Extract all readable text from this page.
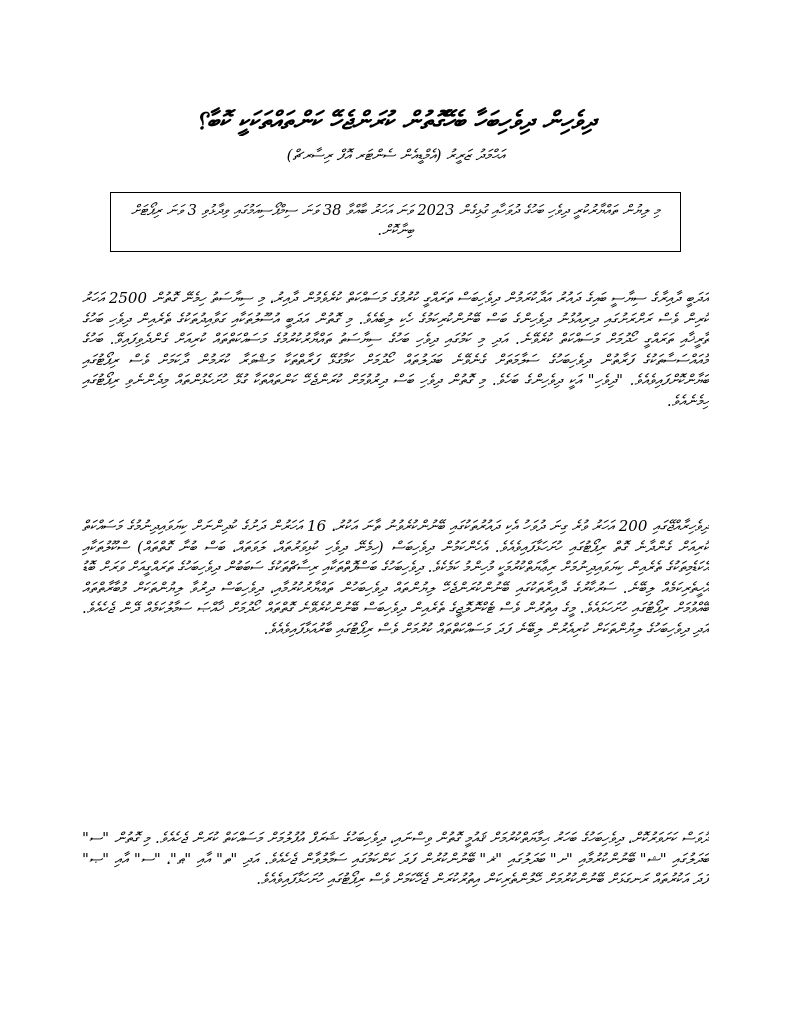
ދިވެހިން ދިވެހިބަހާ ބެހޭގޮތުން ކުރަންޖެހޭ ކަންތައްތަކަކީ ކޮބާ؟
އަޙްމަދު ޒަރީރު (އެމްޑީއެން ސެންޓަރ އޮފް ރިސާރޗް)
މި ލިޔުން ތައްޔާރުކުރީ ދިވެހި ބަހުގެ ދުވަހާއި ގުޅިގެން 2023 ވަނަ އަހަރު ބާއްވާ 38 ވަނަ ސިމްޕޯސިއަމުގައި ވިދާޅުވި 3 ވަނަ ރިޕޯޓަށް ބިނާކޮށް.
އަދަބީ ދާއިރާގެ ސިޔާސީ ބައިގެ ދައުރު އަދާކުރަމުން ދިވެހިބަސް ތަރައްގީ ކުރުމުގެ މަސައްކަތް ކުރެވެމުން ދާއިރު، މި ސިޔާސަތު ހިމެނޭ ގޮތުން 2500 އަހަރު ކުރިން ވެސް ރަށްރަށުގައި ދިރިއުޅުނު ދިވެހިންގެ ބަސް ބޭނުންކުރިކަމުގެ ހެކި ލިބެއެވެ. މި ގޮތުން އަދަބީ އުސޫލުތަކާއި ގަވާއިދުތަކުގެ ތެރެއިން ދިވެހި ބަހުގެ ތާރީޚާއި ތަރައްގީ ހޯދުމަށް މަސައްކަތް ކުރެވޭނެ. އަދި މި ކަމުގައި ދިވެހި ބަހުގެ ސިޔާސަތު ތައްޔާރުކުރުމުގެ މަސައްކަތްތައް ކުރިއަށް ގެންދެވިފައިވޭ. ބަހުގެ މުއައްސަސާތަކުގެ ފަރާތުން ދިވެހިބަހުގެ ސަލާމަތަށް ގެނެވޭނެ ބަދަލުތައް ހޯދުމަށް ކަމާގުޅޭ ފަރާތްތަކާ މަޝްވަރާ ކުރަމުން ދާކަމަށް ވެސް ރިޕޯޓުގައި ބަޔާންކޮށްފައިވެއެވެ. "ދިވެހި" އަކީ ދިވެހިންގެ ބަހެވެ. މި ގޮތުން ދިވެހި ބަސް ދިރުވުމަށް ކުރަންޖެހޭ ކަންތައްތަކާ ގުޅޭ ހުށަހެޅުންތައް މިދެންނެވި ރިޕޯޓުގައި ހިމެނެއެވެ.
ދިވެހިރާއްޖޭގައި 200 އަހަރު ވުރެ ގިނަ ދުވަހު އެކި ދައުރުތަކުގައި ބޭނުންކުރެވުނު ތާނަ އަކުރު، 16 އަހަރުން ދަށުގެ ކުދިންނަށް ކިޔަވައިދިނުމުގެ މަސައްކަތް ކުރިއަށް ގެންދާނެ ގޮތް ރިޕޯޓުގައި ހުށަހަޅާފައިވެއެވެ. އެހެންކަމުން ދިވެހިބަސް (ހިމެނޭ ދިވެހި ކުޅިވަރުތައް، ލަވަތައް، ބަސް ބުނާ ގޮތްތައް) ސްކޫލުތަކާއި އެކަޑެމިތަކުގެ ތެރެއިން ކިޔަވައިދިނުމަށް ރިޢާޔަތްކުރުމަކީ މުހިންމު ކަމެކެވެ. ދިވެހިބަހުގެ ބަސްފޮތްތަކާއި ރިސާޗްތަކުގެ ސަބަބުން ދިވެހިބަހުގެ ތަރައްގީއަށް ވަރަށް ބޮޑު އެހީތެރިކަމެއް ލިބޭނެ. ސަރުކާރުގެ ދާއިރާތަކުގައި ބޭނުންކުރަންޖެހޭ ލިޔުންތައް ދިވެހިބަހުން ތައްޔާރުކުރުމާއި، ދިވެހިބަސް ދިރުވާ ލިޔުންތަކަށް މުބާރާތްތައް ބޭއްވުމަށް ރިޕޯޓުގައި ހުށަހަޅައެވެ. މީގެ އިތުރުން ވެސް ޓެކްނޮލޮޖީގެ ތެރެއިން ދިވެހިބަސް ބޭނުންކުރެވޭނެ ގޮތްތައް ހޯދުމަށް ޚާއްޞަ ސަމާލުކަމެއް ދޭން ޖެހެއެވެ. އަދި ދިވެހިބަހުގެ ލިޔުންތަކަށް ކުރިއެރުން ލިބޭނެ ފަދަ މަސައްކަތްތައް ކުރުމަށް ވެސް ރިޕޯޓުގައި ބާރުއަޅާފައިވެއެވެ.
ދުވަސް ކަށަވަރުކޮށް، ދިވެހިބަހުގެ ބަހަރު ޙިމާޔަތްކުރުމަށް ޤައުމީ ގޮތުން ވިސްނައި، ދިވެހިބަހުގެ ޝަރަފް އުފުލުމަށް މަސައްކަތް ކުރަން ޖެހެއެވެ. މި ގޮތުން "ސ" ބަދަލުގައި "ޝ" ބޭނުންކުރުމާއި "ށ" ބަދަލުގައި "ޜ" ބޭނުންކުރުން ފަދަ ކަންކަމުގައި ސަމާލުވާން ޖެހެއެވެ. އަދި "ތ" އާއި "ޠ"، "ސ" އާއި "ޞ" ފަދަ އަކުރުތައް ރަނގަޅަށް ބޭނުންކުރުމަށް ހޭލުންތެރިކަން އިތުރުކުރަން ޖެހޭކަމަށް ވެސް ރިޕޯޓުގައި ހުށަހަޅާފައިވެއެވެ.
